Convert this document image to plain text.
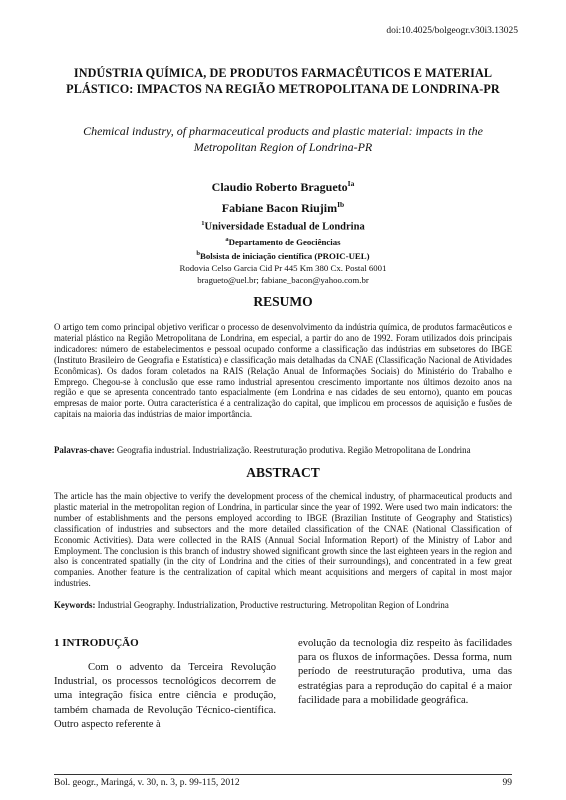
doi:10.4025/bolgeogr.v30i3.13025
INDÚSTRIA QUÍMICA, DE PRODUTOS FARMACÊUTICOS E MATERIAL PLÁSTICO: IMPACTOS NA REGIÃO METROPOLITANA DE LONDRINA-PR
Chemical industry, of pharmaceutical products and plastic material: impacts in the Metropolitan Region of Londrina-PR
Claudio Roberto Bragueto$^{Ia}$
Fabiane Bacon Riujim$^{Ib}$
$^1$Universidade Estadual de Londrina
$^a$Departamento de Geociências
$^b$Bolsista de iniciação científica (PROIC-UEL)
Rodovia Celso Garcia Cid Pr 445 Km 380 Cx. Postal 6001
bragueto@uel.br; fabiane_bacon@yahoo.com.br
RESUMO
O artigo tem como principal objetivo verificar o processo de desenvolvimento da indústria química, de produtos farmacêuticos e material plástico na Região Metropolitana de Londrina, em especial, a partir do ano de 1992. Foram utilizados dois principais indicadores: número de estabelecimentos e pessoal ocupado conforme a classificação das indústrias em subsetores do IBGE (Instituto Brasileiro de Geografia e Estatística) e classificação mais detalhadas da CNAE (Classificação Nacional de Atividades Econômicas). Os dados foram coletados na RAIS (Relação Anual de Informações Sociais) do Ministério do Trabalho e Emprego. Chegou-se à conclusão que esse ramo industrial apresentou crescimento importante nos últimos dezoito anos na região e que se apresenta concentrado tanto espacialmente (em Londrina e nas cidades de seu entorno), quanto em poucas empresas de maior porte. Outra característica é a centralização do capital, que implicou em processos de aquisição e fusões de capitais na maioria das indústrias de maior importância.
Palavras-chave: Geografia industrial. Industrialização. Reestruturação produtiva. Região Metropolitana de Londrina
ABSTRACT
The article has the main objective to verify the development process of the chemical industry, of pharmaceutical products and plastic material in the metropolitan region of Londrina, in particular since the year of 1992. Were used two main indicators: the number of establishments and the persons employed according to IBGE (Brazilian Institute of Geography and Statistics) classification of industries and subsectors and the more detailed classification of the CNAE (National Classification of Economic Activities). Data were collected in the RAIS (Annual Social Information Report) of the Ministry of Labor and Employment. The conclusion is this branch of industry showed significant growth since the last eighteen years in the region and also is concentrated spatially (in the city of Londrina and the cities of their surroundings), and concentrated in a few great companies. Another feature is the centralization of capital which meant acquisitions and mergers of capital in most major industries.
Keywords: Industrial Geography. Industrialization, Productive restructuring. Metropolitan Region of Londrina
1 INTRODUÇÃO
Com o advento da Terceira Revolução Industrial, os processos tecnológicos decorrem de uma integração física entre ciência e produção, também chamada de Revolução Técnico-científica. Outro aspecto referente à
evolução da tecnologia diz respeito às facilidades para os fluxos de informações. Dessa forma, num período de reestruturação produtiva, uma das estratégias para a reprodução do capital é a maior facilidade para a mobilidade geográfica.
Bol. geogr., Maringá, v. 30, n. 3, p. 99-115, 2012	99
